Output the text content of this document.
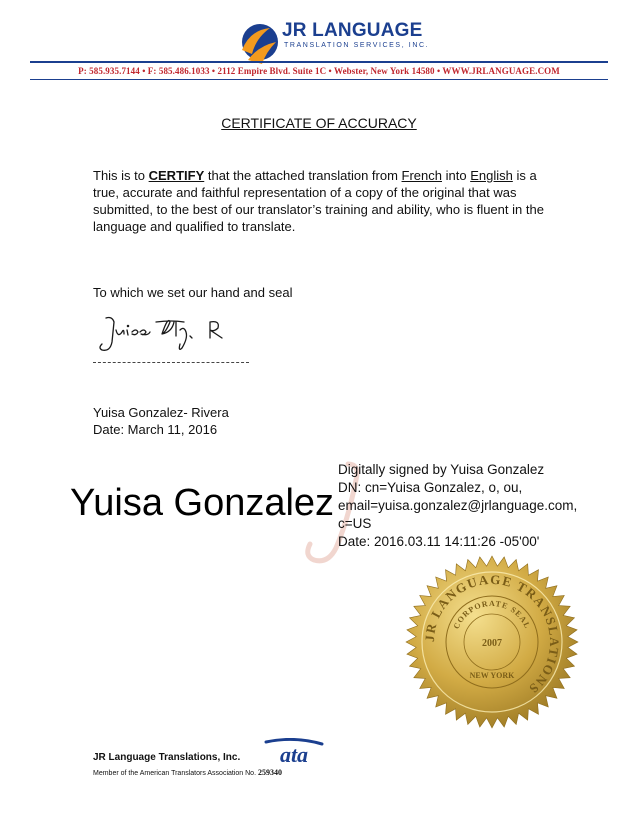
JR LANGUAGE
TRANSLATION SERVICES, INC.
P: 585.935.7144 • F: 585.486.1033 • 2112 Empire Blvd. Suite 1C • Webster, New York 14580 • WWW.JRLANGUAGE.COM
CERTIFICATE OF ACCURACY
This is to CERTIFY that the attached translation from French into English is a true, accurate and faithful representation of a copy of the original that was submitted, to the best of our translator’s training and ability, who is fluent in the language and qualified to translate.
To which we set our hand and seal
Yuisa Gonzalez- Rivera
Date: March 11, 2016
Yuisa Gonzalez
Digitally signed by Yuisa Gonzalez
DN: cn=Yuisa Gonzalez, o, ou,
email=yuisa.gonzalez@jrlanguage.com,
c=US
Date: 2016.03.11 14:11:26 -05'00'
JR LANGUAGE TRANSLATIONS
CORPORATE SEAL
2007
NEW YORK
JR Language Translations, Inc.
Member of the American Translators Association No. 259340
ata
